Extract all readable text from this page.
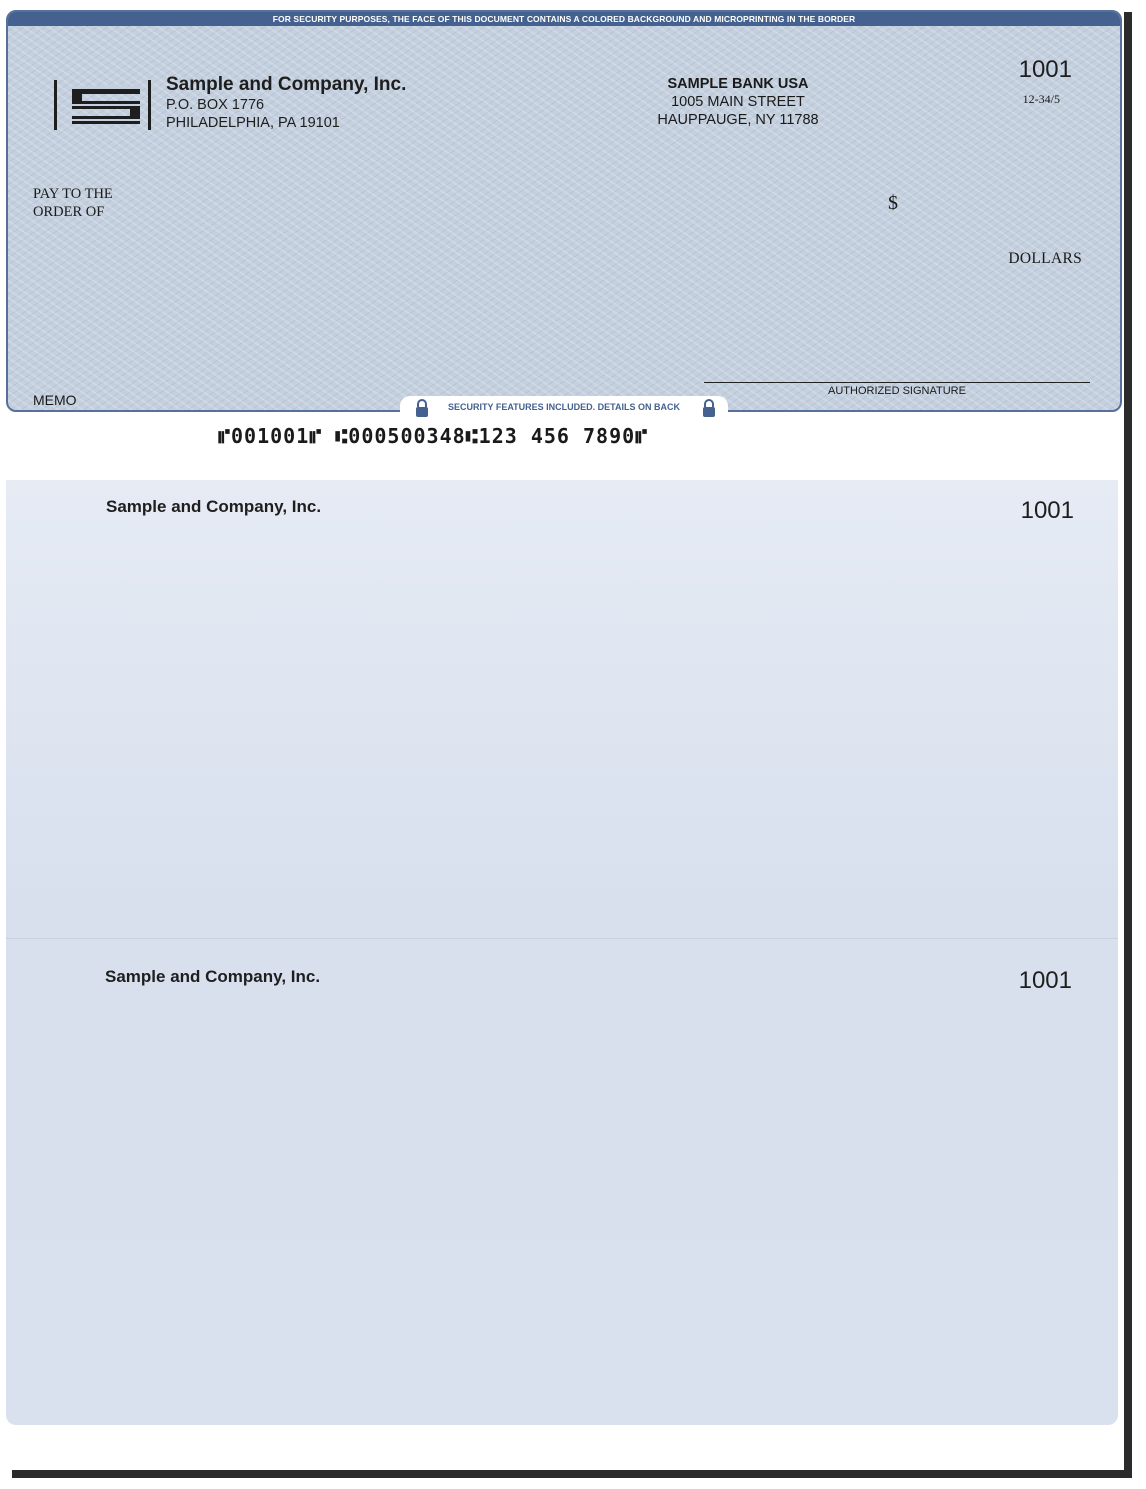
FOR SECURITY PURPOSES, THE FACE OF THIS DOCUMENT CONTAINS A COLORED BACKGROUND AND MICROPRINTING IN THE BORDER
Sample and Company, Inc.
P.O. BOX 1776
PHILADELPHIA, PA 19101
SAMPLE BANK USA
1005 MAIN STREET
HAUPPAUGE, NY 11788
1001
12-34/5
PAY TO THE
ORDER OF	$
DOLLARS
MEMO
AUTHORIZED SIGNATURE
SECURITY FEATURES INCLUDED. DETAILS ON BACK
⑈001001⑈ ⑆000500348⑆123 456 7890⑈
Sample and Company, Inc.	1001
Sample and Company, Inc.	1001
